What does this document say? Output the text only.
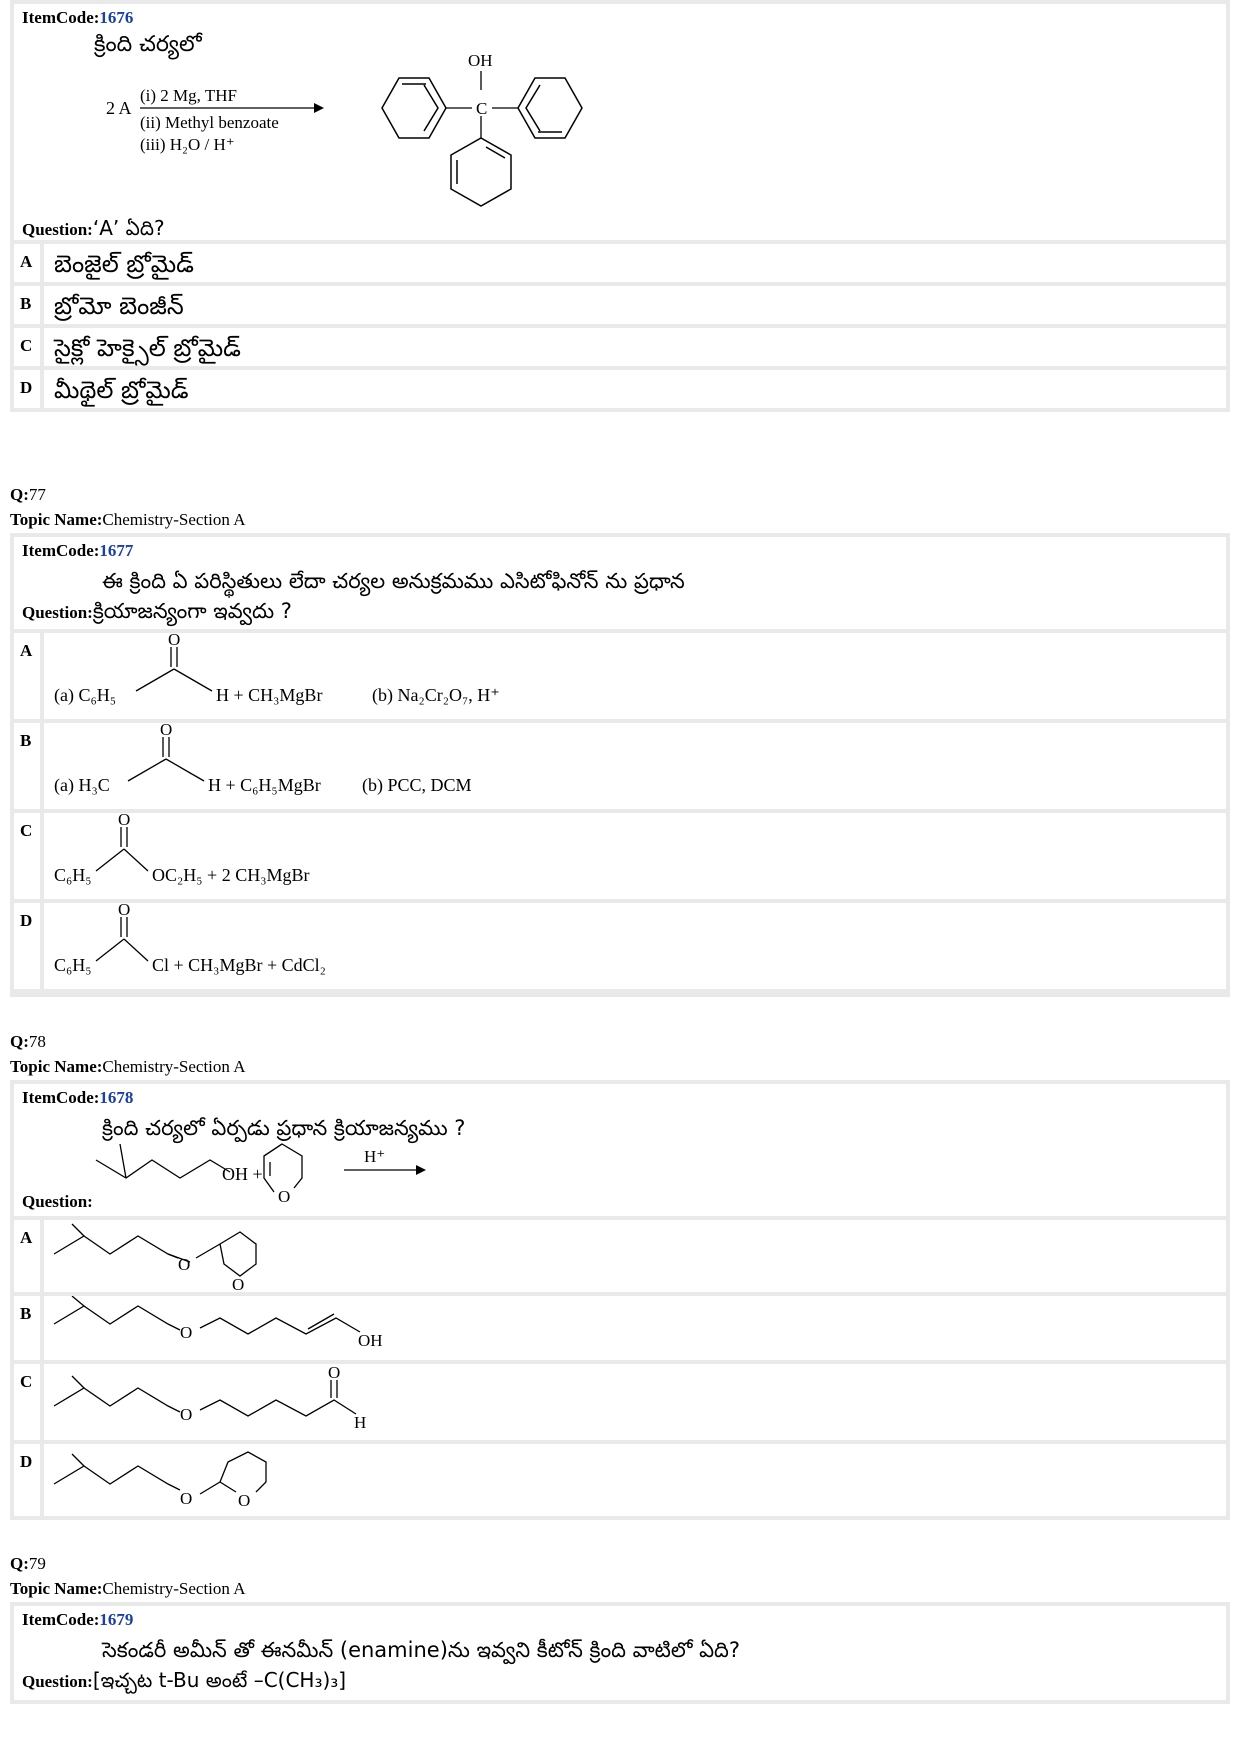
ItemCode:1676
క్రింది చర్యలో
2 A
(i) 2 Mg, THF
(ii) Methyl benzoate
(iii) H₂O / H⁺
OH
C
Question:‘A’ ఏది?
A బెంజైల్ బ్రోమైడ్
B బ్రోమో బెంజీన్
C సైక్లో హెక్సైల్ బ్రోమైడ్
D మీథైల్ బ్రోమైడ్
Q:77
Topic Name:Chemistry-Section A
ItemCode:1677
ఈ క్రింది ఏ పరిస్థితులు లేదా చర్యల అనుక్రమము ఎసిటోఫినోన్ ను ప్రధాన
Question:క్రియాజన్యంగా ఇవ్వదు ?
A
(a) C₆H₅
O
H + CH₃MgBr	(b) Na₂Cr₂O₇, H⁺
B
(a) H₃C
O
H + C₆H₅MgBr (b) PCC, DCM
C
C₆H₅
O
OC₂H₅ + 2 CH₃MgBr
D
C₆H₅
O
Cl + CH₃MgBr + CdCl₂
Q:78
Topic Name:Chemistry-Section A
ItemCode:1678
క్రింది చర్యలో ఏర్పడు ప్రధాన క్రియాజన్యము ?
OH +
O
H⁺
Question:
A
O
O
B
O	OH
C
O
O
H
D
O	O
Q:79
Topic Name:Chemistry-Section A
ItemCode:1679
సెకండరీ అమీన్ తో ఈనమీన్ (enamine)ను ఇవ్వని కీటోన్ క్రింది వాటిలో ఏది?
Question:[ఇచ్చట t-Bu అంటే –C(CH₃)₃]
